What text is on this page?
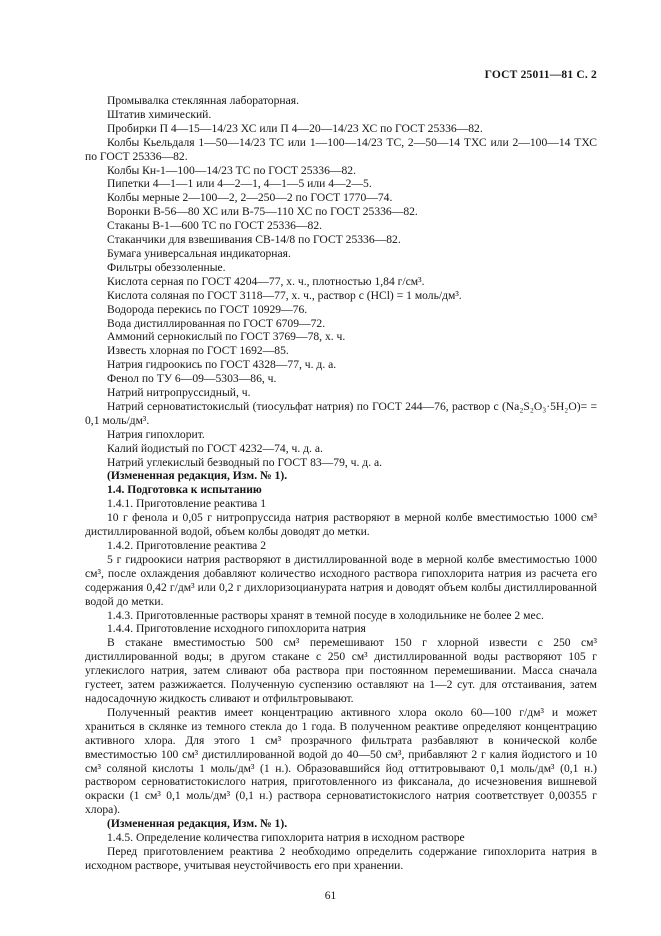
ГОСТ 25011—81 С. 2

Промывалка стеклянная лабораторная.

Штатив химический.

Пробирки П 4—15—14/23 ХС или П 4—20—14/23 ХС по ГОСТ 25336—82.

Колбы Кьельдаля 1—50—14/23 ТС или 1—100—14/23 ТС, 2—50—14 ТХС или 2—100—14 ТХС по ГОСТ 25336—82.

Колбы Кн-1—100—14/23 ТС по ГОСТ 25336—82.

Пипетки 4—1—1 или 4—2—1, 4—1—5 или 4—2—5.

Колбы мерные 2—100—2, 2—250—2 по ГОСТ 1770—74.

Воронки В-56—80 ХС или В-75—110 ХС по ГОСТ 25336—82.

Стаканы В-1—600 ТС по ГОСТ 25336—82.

Стаканчики для взвешивания СВ-14/8 по ГОСТ 25336—82.

Бумага универсальная индикаторная.

Фильтры обеззоленные.

Кислота серная по ГОСТ 4204—77, х. ч., плотностью 1,84 г/см³.

Кислота соляная по ГОСТ 3118—77, х. ч., раствор с (HCl) = 1 моль/дм³.

Водорода перекись по ГОСТ 10929—76.

Вода дистиллированная по ГОСТ 6709—72.

Аммоний сернокислый по ГОСТ 3769—78, х. ч.

Известь хлорная по ГОСТ 1692—85.

Натрия гидроокись по ГОСТ 4328—77, ч. д. а.

Фенол по ТУ 6—09—5303—86, ч.

Натрий нитропруссидный, ч.

Натрий серноватистокислый (тиосульфат натрия) по ГОСТ 244—76, раствор с (Na₂S₂O₃·5H₂O)= = 0,1 моль/дм³.

Натрия гипохлорит.

Калий йодистый по ГОСТ 4232—74, ч. д. а.

Натрий углекислый безводный по ГОСТ 83—79, ч. д. а.

(Измененная редакция, Изм. № 1).

1.4. Подготовка к испытанию

1.4.1. Приготовление реактива 1

10 г фенола и 0,05 г нитропруссида натрия растворяют в мерной колбе вместимостью 1000 см³ дистиллированной водой, объем колбы доводят до метки.

1.4.2. Приготовление реактива 2

5 г гидроокиси натрия растворяют в дистиллированной воде в мерной колбе вместимостью 1000 см³, после охлаждения добавляют количество исходного раствора гипохлорита натрия из расчета его содержания 0,42 г/дм³ или 0,2 г дихлоризоцианурата натрия и доводят объем колбы дистиллированной водой до метки.

1.4.3. Приготовленные растворы хранят в темной посуде в холодильнике не более 2 мес.

1.4.4. Приготовление исходного гипохлорита натрия

В стакане вместимостью 500 см³ перемешивают 150 г хлорной извести с 250 см³ дистиллированной воды; в другом стакане с 250 см³ дистиллированной воды растворяют 105 г углекислого натрия, затем сливают оба раствора при постоянном перемешивании. Масса сначала густеет, затем разжижается. Полученную суспензию оставляют на 1—2 сут. для отстаивания, затем надосадочную жидкость сливают и отфильтровывают.

Полученный реактив имеет концентрацию активного хлора около 60—100 г/дм³ и может храниться в склянке из темного стекла до 1 года. В полученном реактиве определяют концентрацию активного хлора. Для этого 1 см³ прозрачного фильтрата разбавляют в конической колбе вместимостью 100 см³ дистиллированной водой до 40—50 см³, прибавляют 2 г калия йодистого и 10 см³ соляной кислоты 1 моль/дм³ (1 н.). Образовавшийся йод оттитровывают 0,1 моль/дм³ (0,1 н.) раствором серноватистокислого натрия, приготовленного из фиксанала, до исчезновения вишневой окраски (1 см³ 0,1 моль/дм³ (0,1 н.) раствора серноватистокислого натрия соответствует 0,00355 г хлора).

(Измененная редакция, Изм. № 1).

1.4.5. Определение количества гипохлорита натрия в исходном растворе

Перед приготовлением реактива 2 необходимо определить содержание гипохлорита натрия в исходном растворе, учитывая неустойчивость его при хранении.

61
